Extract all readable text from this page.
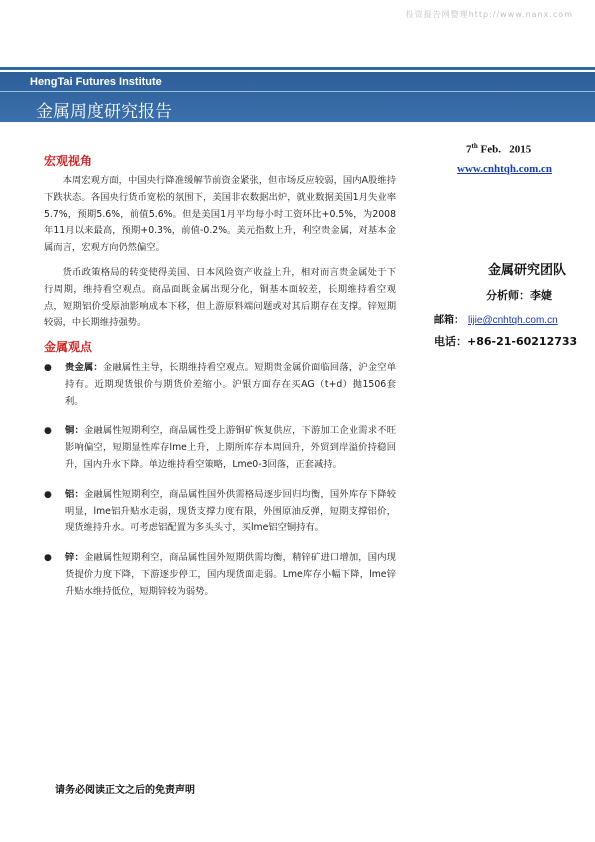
投资报告网整理http://www.nanx.com
HengTai Futures Institute
金属周度研究报告
7th Feb.   2015
www.cnhtqh.com.cn
宏观视角

本周宏观方面，中国央行降准缓解节前资金紧张，但市场反应较弱，国内A股维持下跌状态。各国央行货币宽松的氛围下，美国非农数据出炉，就业数据美国1月失业率5.7%，预期5.6%，前值5.6%。但是美国1月平均每小时工资环比+0.5%，为2008年11月以来最高，预期+0.3%，前值-0.2%。美元指数上升，利空贵金属，对基本金属而言，宏观方向仍然偏空。

货币政策格局的转变使得美国、日本风险资产收益上升，相对而言贵金属处于下行周期，维持看空观点。商品面既金属出现分化，铜基本面较差，长期维持看空观点，短期铝价受原油影响成本下移，但上游原料端问题或对其后期存在支撑。锌短期较弱，中长期维持强势。

金属研究团队
分析师：李婕
邮箱： lijie@cnhtqh.com.cn
电话：+86-21-60212733
金属观点
● 贵金属：金融属性主导，长期维持看空观点。短期贵金属价面临回落，沪金空单持有。近期现货银价与期货价差缩小。沪银方面存在买AG（t+d）抛1506套利。
● 铜：金融属性短期利空，商品属性受上游铜矿恢复供应，下游加工企业需求不旺影响偏空，短期显性库存lme上升，上期所库存本周回升，外贸到岸溢价持稳回升，国内升水下降。单边维持看空策略，Lme0-3回落，正套减持。
● 铝：金融属性短期利空，商品属性国外供需格局逐步回归均衡，国外库存下降较明显，lme铝升贴水走弱，现货支撑力度有限，外围原油反弹，短期支撑铝价，现货维持升水。可考虑铝配置为多头头寸，买lme铝空铜持有。
● 锌：金融属性短期利空，商品属性国外短期供需均衡，精锌矿进口增加，国内现货提价力度下降，下游逐步停工，国内现货面走弱。Lme库存小幅下降，lme锌升贴水维持低位，短期锌较为弱势。
请务必阅读正文之后的免责声明
